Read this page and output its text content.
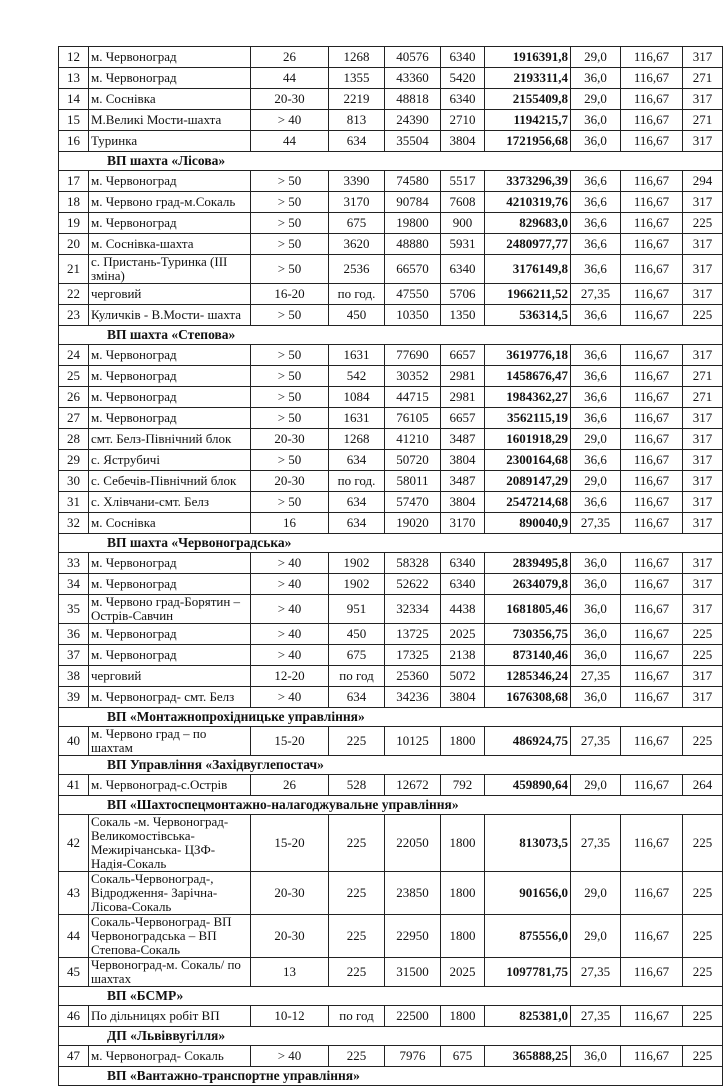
12	м. Червоноград	26	1268	40576	6340	1916391,8	29,0	116,67	317	
13	м. Червоноград	44	1355	43360	5420	2193311,4	36,0	116,67	271	
14	м. Соснівка	20-30	2219	48818	6340	2155409,8	29,0	116,67	317	
15	М.Великі Мости-шахта	> 40	813	24390	2710	1194215,7	36,0	116,67	271	
16	Туринка	44	634	35504	3804	1721956,68	36,0	116,67	317	
ВП шахта «Лісова»										
17	м. Червоноград	> 50	3390	74580	5517	3373296,39	36,6	116,67	294	
18	м. Червоно град-м.Сокаль	> 50	3170	90784	7608	4210319,76	36,6	116,67	317	
19	м. Червоноград	> 50	675	19800	900	829683,0	36,6	116,67	225	
20	м. Соснівка-шахта	> 50	3620	48880	5931	2480977,77	36,6	116,67	317	
21	с. Пристань-Туринка (ІІІ зміна)	> 50	2536	66570	6340	3176149,8	36,6	116,67	317	
22	черговий	16-20	по год.	47550	5706	1966211,52	27,35	116,67	317	
23	Куличків - В.Мости- шахта	> 50	450	10350	1350	536314,5	36,6	116,67	225	
ВП шахта «Степова»										
24	м. Червоноград	> 50	1631	77690	6657	3619776,18	36,6	116,67	317	
25	м. Червоноград	> 50	542	30352	2981	1458676,47	36,6	116,67	271	
26	м. Червоноград	> 50	1084	44715	2981	1984362,27	36,6	116,67	271	
27	м. Червоноград	> 50	1631	76105	6657	3562115,19	36,6	116,67	317	
28	смт. Белз-Північний блок	20-30	1268	41210	3487	1601918,29	29,0	116,67	317	
29	с. Яструбичі	> 50	634	50720	3804	2300164,68	36,6	116,67	317	
30	с. Себечів-Північний блок	20-30	по год.	58011	3487	2089147,29	29,0	116,67	317	
31	с. Хлівчани-смт. Белз	> 50	634	57470	3804	2547214,68	36,6	116,67	317	
32	м. Соснівка	16	634	19020	3170	890040,9	27,35	116,67	317	
ВП шахта «Червоноградська»										
33	м. Червоноград	> 40	1902	58328	6340	2839495,8	36,0	116,67	317	
34	м. Червоноград	> 40	1902	52622	6340	2634079,8	36,0	116,67	317	
35	м. Червоно град-Борятин – Острів-Савчин	> 40	951	32334	4438	1681805,46	36,0	116,67	317	
36	м. Червоноград	> 40	450	13725	2025	730356,75	36,0	116,67	225	
37	м. Червоноград	> 40	675	17325	2138	873140,46	36,0	116,67	225	
38	черговий	12-20	по год	25360	5072	1285346,24	27,35	116,67	317	
39	м. Червоноград- смт. Белз	> 40	634	34236	3804	1676308,68	36,0	116,67	317	
ВП «Монтажнопрохідницьке управління»										
40	м. Червоно град – по шахтам	15-20	225	10125	1800	486924,75	27,35	116,67	225	
ВП Управління «Західвуглепостач»										
41	м. Червоноград-с.Острів	26	528	12672	792	459890,64	29,0	116,67	264	
ВП «Шахтоспецмонтажно-налагоджувальне управління»										
42	Сокаль -м. Червоноград-Великомостівська-Межирічанська- ЦЗФ-Надія-Сокаль	15-20	225	22050	1800	813073,5	27,35	116,67	225	
43	Сокаль-Червоноград-, Відродження- Зарічна-Лісова-Сокаль	20-30	225	23850	1800	901656,0	29,0	116,67	225	
44	Сокаль-Червоноград- ВП Червоноградська – ВП Степова-Сокаль	20-30	225	22950	1800	875556,0	29,0	116,67	225	
45	Червоноград-м. Сокаль/ по шахтах	13	225	31500	2025	1097781,75	27,35	116,67	225	
ВП «БСМР»										
46	По дільницях робіт ВП	10-12	по год	22500	1800	825381,0	27,35	116,67	225	
ДП «Львіввугілля»										
47	м. Червоноград- Сокаль	> 40	225	7976	675	365888,25	36,0	116,67	225	
ВП «Вантажно-транспортне управління»										
